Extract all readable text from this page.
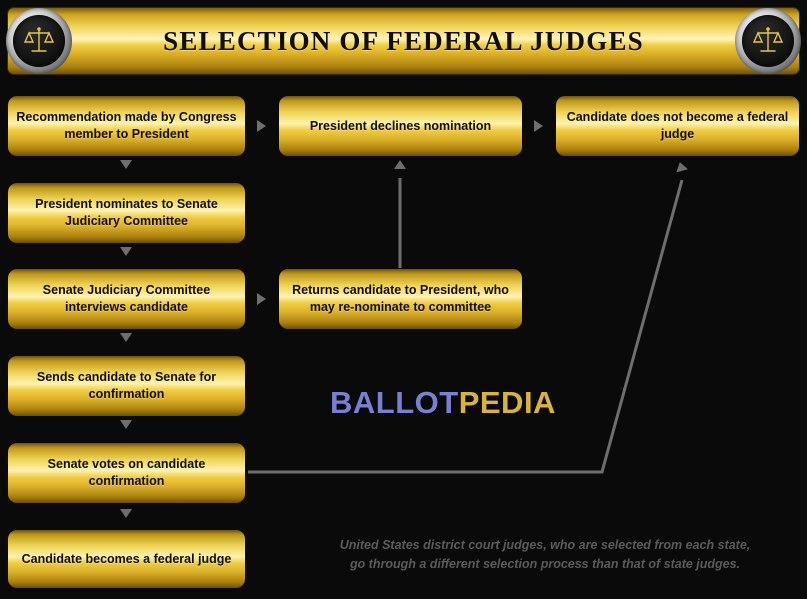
SELECTION OF FEDERAL JUDGES
Recommendation made by Congress member to President
President nominates to Senate Judiciary Committee
Senate Judiciary Committee interviews candidate
Sends candidate to Senate for confirmation
Senate votes on candidate confirmation
Candidate becomes a federal judge
President declines nomination
Candidate does not become a federal judge
Returns candidate to President, who may re-nominate to committee
BALLOTPEDIA
United States district court judges, who are selected from each state,
go through a different selection process than that of state judges.
